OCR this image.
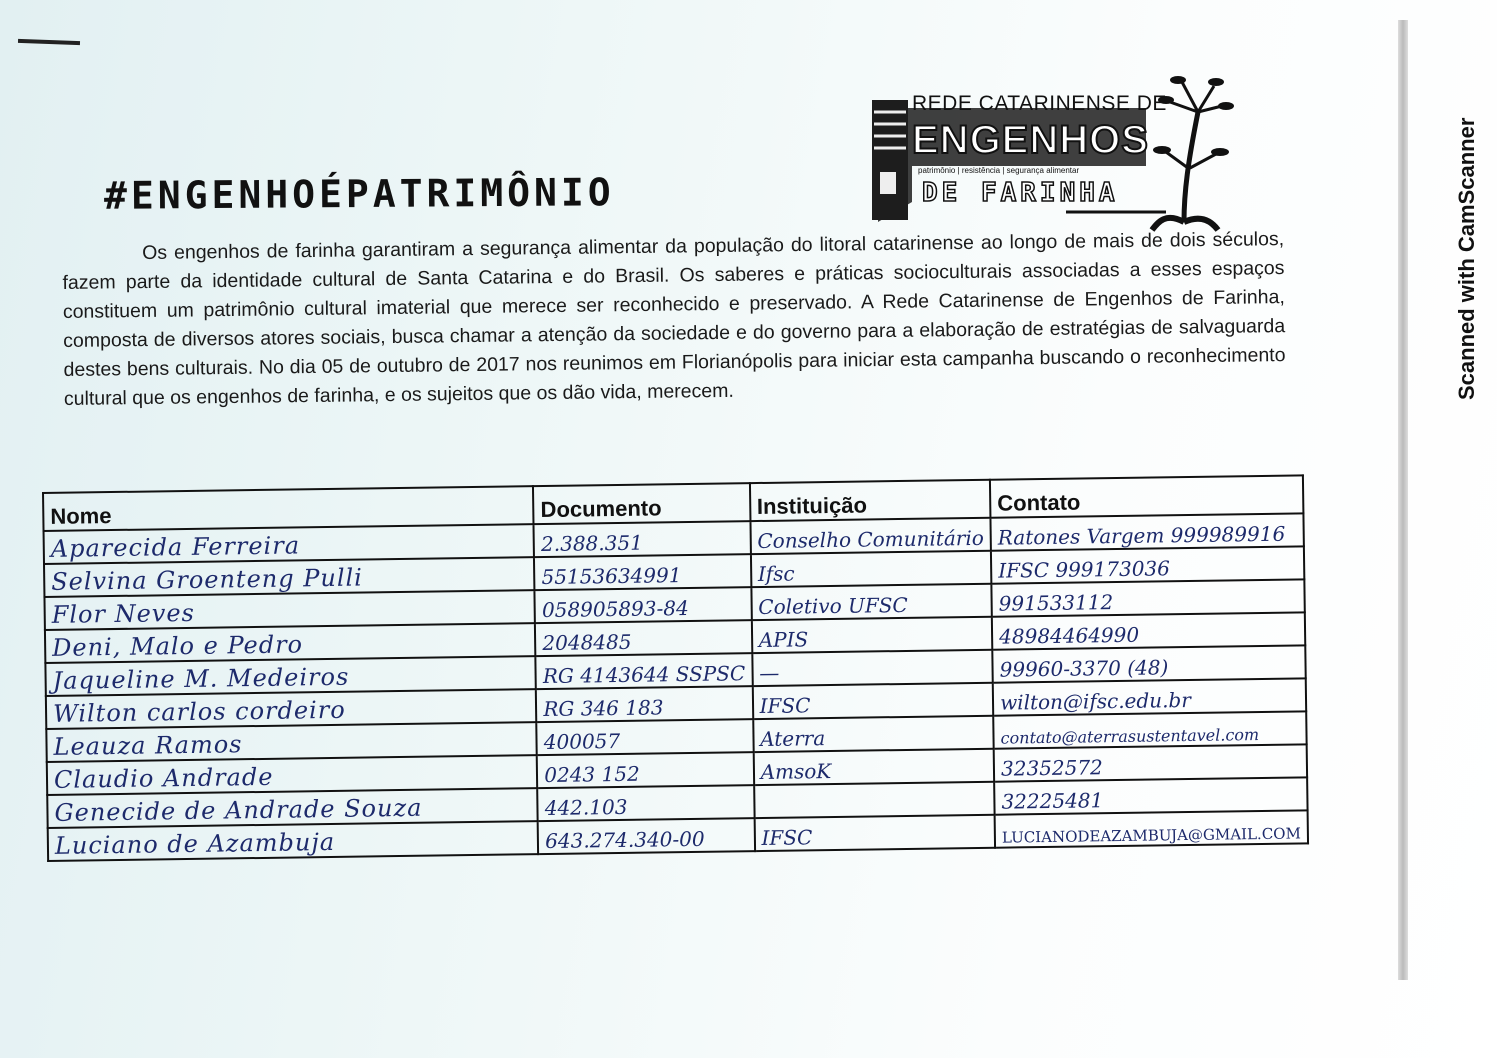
#ENGENHOÉPATRIMÔNIO
REDE CATARINENSE DE
ENGENHOS
patrimônio | resistência | segurança alimentar
DE FARINHA
Os engenhos de farinha garantiram a segurança alimentar da população do litoral catarinense ao longo de mais de dois séculos, fazem parte da identidade cultural de Santa Catarina e do Brasil. Os saberes e práticas socioculturais associadas a esses espaços constituem um patrimônio cultural imaterial que merece ser reconhecido e preservado. A Rede Catarinense de Engenhos de Farinha, composta de diversos atores sociais, busca chamar a atenção da sociedade e do governo para a elaboração de estratégias de salvaguarda destes bens culturais. No dia 05 de outubro de 2017 nos reunimos em Florianópolis para iniciar esta campanha buscando o reconhecimento cultural que os engenhos de farinha, e os sujeitos que os dão vida, merecem.	Scanned with CamScanner
Nome	Documento	Instituição	Contato
Aparecida Ferreira	2.388.351	Conselho Comunitário	Ratones Vargem 999989916
Selvina Groenteng Pulli	55153634991	Ifsc	IFSC 999173036
Flor Neves	058905893-84	Coletivo UFSC	991533112
Deni, Malo e Pedro	2048485	APIS	48984464990
Jaqueline M. Medeiros	RG 4143644 SSPSC	—	99960-3370 (48)
Wilton carlos cordeiro	RG 346 183	IFSC	wilton@ifsc.edu.br
Leauza Ramos	400057	Aterra	contato@aterrasustentavel.com
Claudio Andrade	0243 152	AmsoK	32352572
Genecide de Andrade Souza	442.103		32225481
Luciano de Azambuja	643.274.340-00	IFSC	LUCIANODEAZAMBUJA@GMAIL.COM
